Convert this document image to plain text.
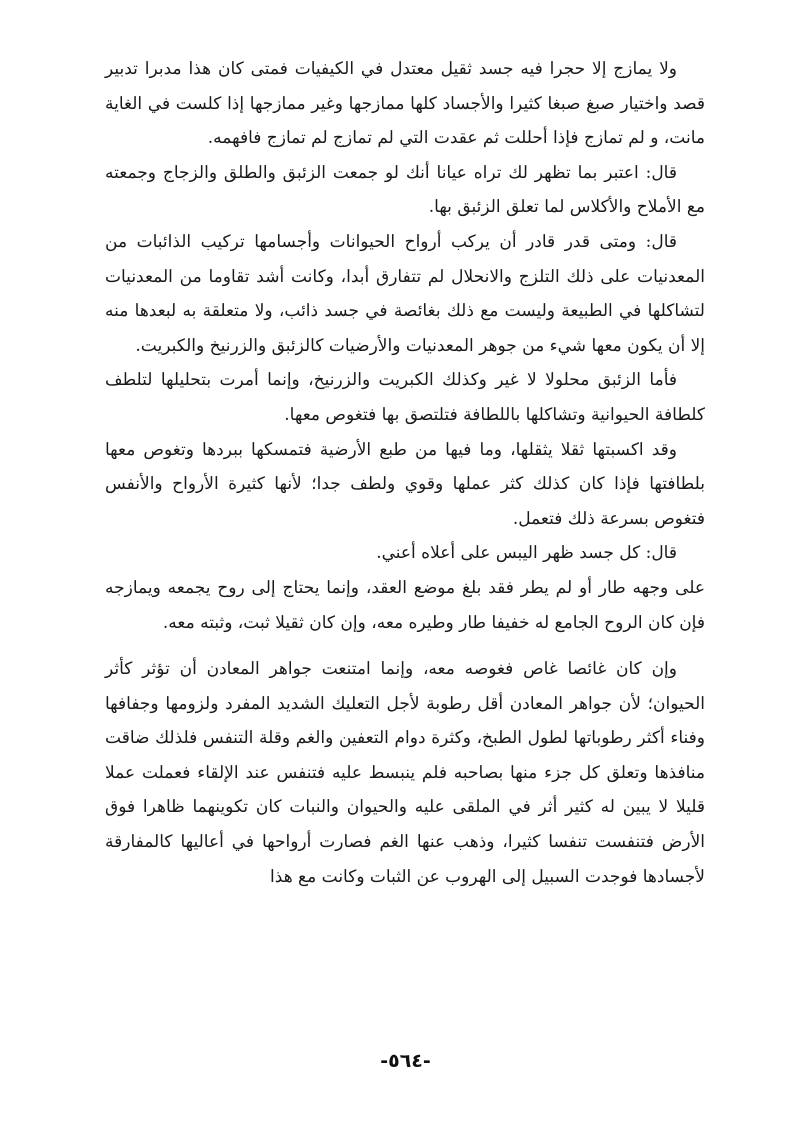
ولا يمازج إلا حجرا فيه جسد ثقيل معتدل في الكيفيات فمتى كان هذا مدبرا تدبير قصد واختيار صبغ صبغا كثيرا والأجساد كلها ممازجها وغير ممازجها إذا كلست في الغاية مانت، و لم تمازج فإذا أحللت ثم عقدت التي لم تمازج لم تمازج فافهمه.

قال: اعتبر بما تظهر لك تراه عيانا أنك لو جمعت الزئبق والطلق والزجاج وجمعته مع الأملاح والأكلاس لما تعلق الزئبق بها.

قال: ومتى قدر قادر أن يركب أرواح الحيوانات وأجسامها تركيب الذائبات من المعدنيات على ذلك التلزج والانحلال لم تتفارق أبدا، وكانت أشد تقاوما من المعدنيات لتشاكلها في الطبيعة وليست مع ذلك بغائصة في جسد ذائب، ولا متعلقة به لبعدها منه إلا أن يكون معها شيء من جوهر المعدنيات والأرضيات كالزئبق والزرنيخ والكبريت.

فأما الزئبق محلولا لا غير وكذلك الكبريت والزرنيخ، وإنما أمرت بتحليلها لتلطف كلطافة الحيوانية وتشاكلها باللطافة فتلتصق بها فتغوص معها.

وقد اكسبتها ثقلا يثقلها، وما فيها من طبع الأرضية فتمسكها ببردها وتغوص معها بلطافتها فإذا كان كذلك كثر عملها وقوي ولطف جدا؛ لأنها كثيرة الأرواح والأنفس فتغوص بسرعة ذلك فتعمل.

قال: كل جسد ظهر اليبس على أعلاه أعني.

على وجهه طار أو لم يطر فقد بلغ موضع العقد، وإنما يحتاج إلى روح يجمعه ويمازجه فإن كان الروح الجامع له خفيفا طار وطيره معه، وإن كان ثقيلا ثبت، وثبته معه.

وإن كان غائصا غاص فغوصه معه، وإنما امتنعت جواهر المعادن أن تؤثر كأثر الحيوان؛ لأن جواهر المعادن أقل رطوبة لأجل التعليك الشديد المفرد ولزومها وجفافها وفناء أكثر رطوباتها لطول الطبخ، وكثرة دوام التعفين والغم وقلة التنفس فلذلك ضاقت منافذها وتعلق كل جزء منها بصاحبه فلم ينبسط عليه فتنفس عند الإلقاء فعملت عملا قليلا لا يبين له كثير أثر في الملقى عليه والحيوان والنبات كان تكوينهما ظاهرا فوق الأرض فتنفست تنفسا كثيرا، وذهب عنها الغم فصارت أرواحها في أعاليها كالمفارقة لأجسادها فوجدت السبيل إلى الهروب عن الثبات وكانت مع هذا

-٥٦٤-
